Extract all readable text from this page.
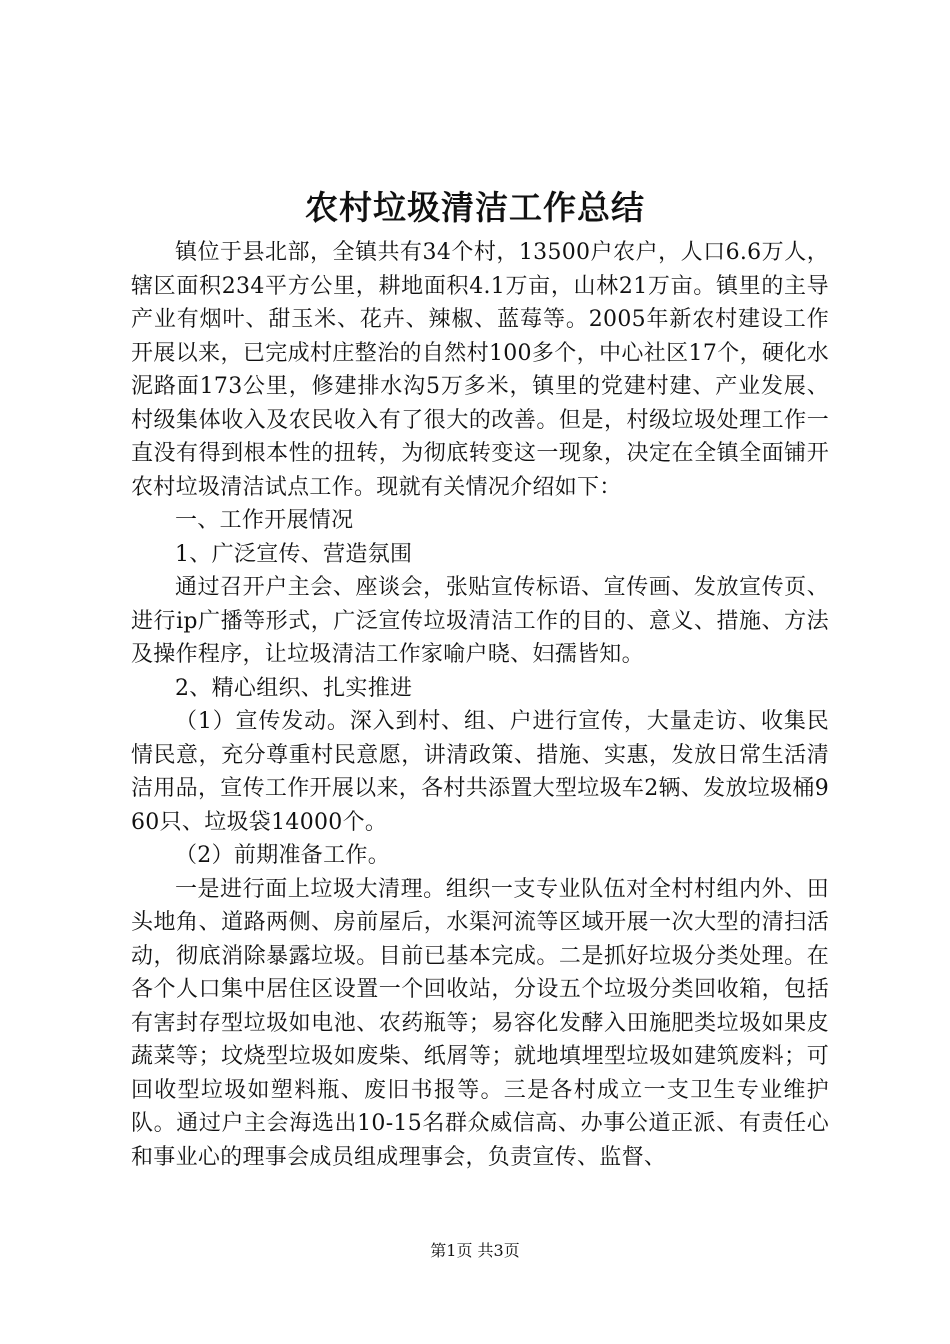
农村垃圾清洁工作总结

镇位于县北部，全镇共有34个村，13500户农户，人口6.6万人，辖区面积234平方公里，耕地面积4.1万亩，山林21万亩。镇里的主导产业有烟叶、甜玉米、花卉、辣椒、蓝莓等。2005年新农村建设工作开展以来，已完成村庄整治的自然村100多个，中心社区17个，硬化水泥路面173公里，修建排水沟5万多米，镇里的党建村建、产业发展、村级集体收入及农民收入有了很大的改善。但是，村级垃圾处理工作一直没有得到根本性的扭转，为彻底转变这一现象，决定在全镇全面铺开农村垃圾清洁试点工作。现就有关情况介绍如下：

一、工作开展情况

1、广泛宣传、营造氛围

通过召开户主会、座谈会，张贴宣传标语、宣传画、发放宣传页、进行ip广播等形式，广泛宣传垃圾清洁工作的目的、意义、措施、方法及操作程序，让垃圾清洁工作家喻户晓、妇孺皆知。

2、精心组织、扎实推进

（1）宣传发动。深入到村、组、户进行宣传，大量走访、收集民情民意，充分尊重村民意愿，讲清政策、措施、实惠，发放日常生活清洁用品，宣传工作开展以来，各村共添置大型垃圾车2辆、发放垃圾桶960只、垃圾袋14000个。

（2）前期准备工作。

一是进行面上垃圾大清理。组织一支专业队伍对全村村组内外、田头地角、道路两侧、房前屋后，水渠河流等区域开展一次大型的清扫活动，彻底消除暴露垃圾。目前已基本完成。二是抓好垃圾分类处理。在各个人口集中居住区设置一个回收站，分设五个垃圾分类回收箱，包括有害封存型垃圾如电池、农药瓶等；易容化发酵入田施肥类垃圾如果皮蔬菜等；坟烧型垃圾如废柴、纸屑等；就地填埋型垃圾如建筑废料；可回收型垃圾如塑料瓶、废旧书报等。三是各村成立一支卫生专业维护队。通过户主会海选出10-15名群众威信高、办事公道正派、有责任心和事业心的理事会成员组成理事会，负责宣传、监督、

第1页 共3页
